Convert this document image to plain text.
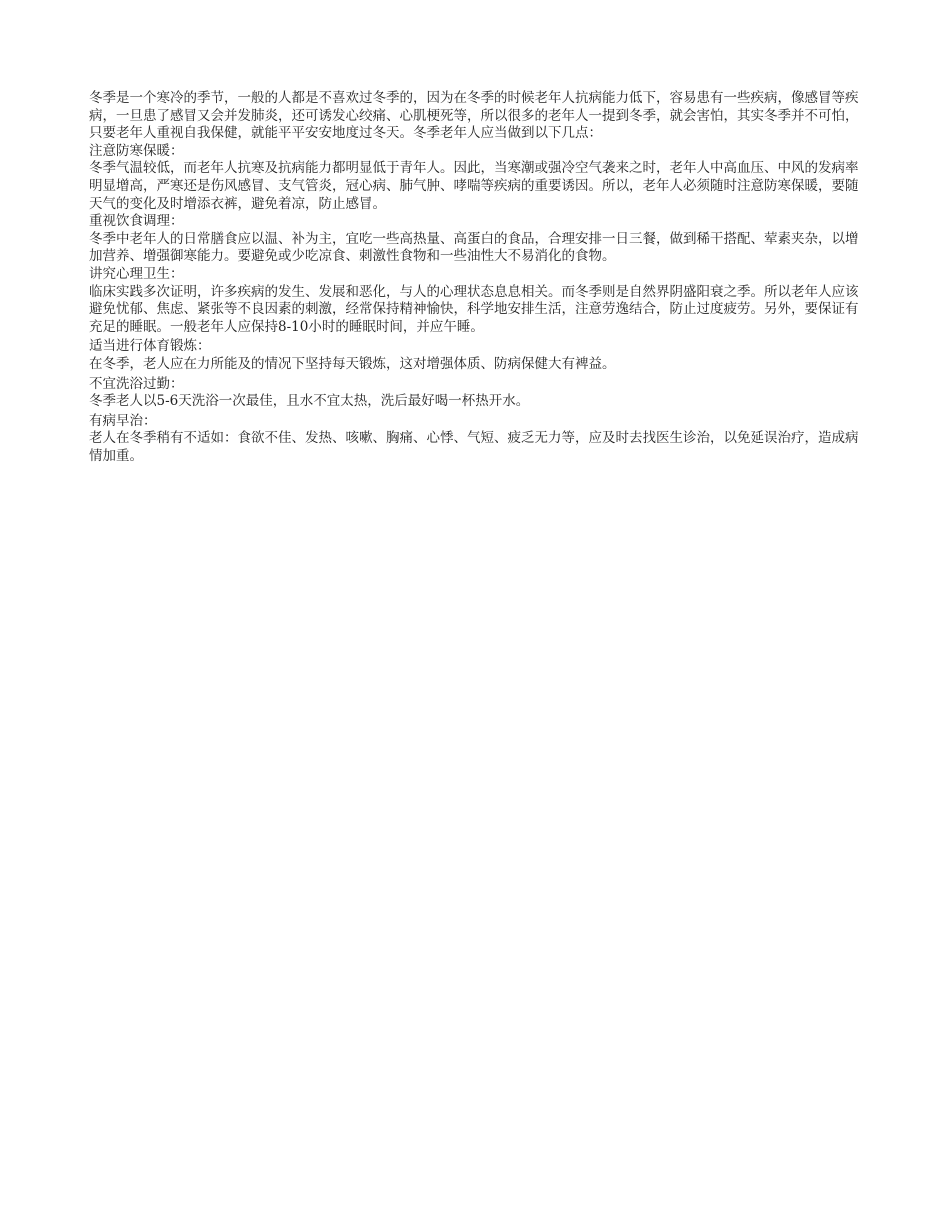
冬季是一个寒冷的季节，一般的人都是不喜欢过冬季的，因为在冬季的时候老年人抗病能力低下，容易患有一些疾病，像感冒等疾病，一旦患了感冒又会并发肺炎，还可诱发心绞痛、心肌梗死等，所以很多的老年人一提到冬季，就会害怕，其实冬季并不可怕，只要老年人重视自我保健，就能平平安安地度过冬天。冬季老年人应当做到以下几点：

注意防寒保暖：

冬季气温较低，而老年人抗寒及抗病能力都明显低于青年人。因此，当寒潮或强冷空气袭来之时，老年人中高血压、中风的发病率明显增高，严寒还是伤风感冒、支气管炎，冠心病、肺气肿、哮喘等疾病的重要诱因。所以，老年人必须随时注意防寒保暖，要随天气的变化及时增添衣裤，避免着凉，防止感冒。

重视饮食调理：

冬季中老年人的日常膳食应以温、补为主，宜吃一些高热量、高蛋白的食品，合理安排一日三餐，做到稀干搭配、荤素夹杂，以增加营养、增强御寒能力。要避免或少吃凉食、刺激性食物和一些油性大不易消化的食物。

讲究心理卫生：

临床实践多次证明，许多疾病的发生、发展和恶化，与人的心理状态息息相关。而冬季则是自然界阴盛阳衰之季。所以老年人应该避免忧郁、焦虑、紧张等不良因素的刺激，经常保持精神愉快，科学地安排生活，注意劳逸结合，防止过度疲劳。另外，要保证有充足的睡眠。一般老年人应保持8-10小时的睡眠时间，并应午睡。

适当进行体育锻炼：

在冬季，老人应在力所能及的情况下坚持每天锻炼，这对增强体质、防病保健大有裨益。

不宜洗浴过勤：

冬季老人以5-6天洗浴一次最佳，且水不宜太热，洗后最好喝一杯热开水。

有病早治：

老人在冬季稍有不适如：食欲不佳、发热、咳嗽、胸痛、心悸、气短、疲乏无力等，应及时去找医生诊治，以免延误治疗，造成病情加重。
